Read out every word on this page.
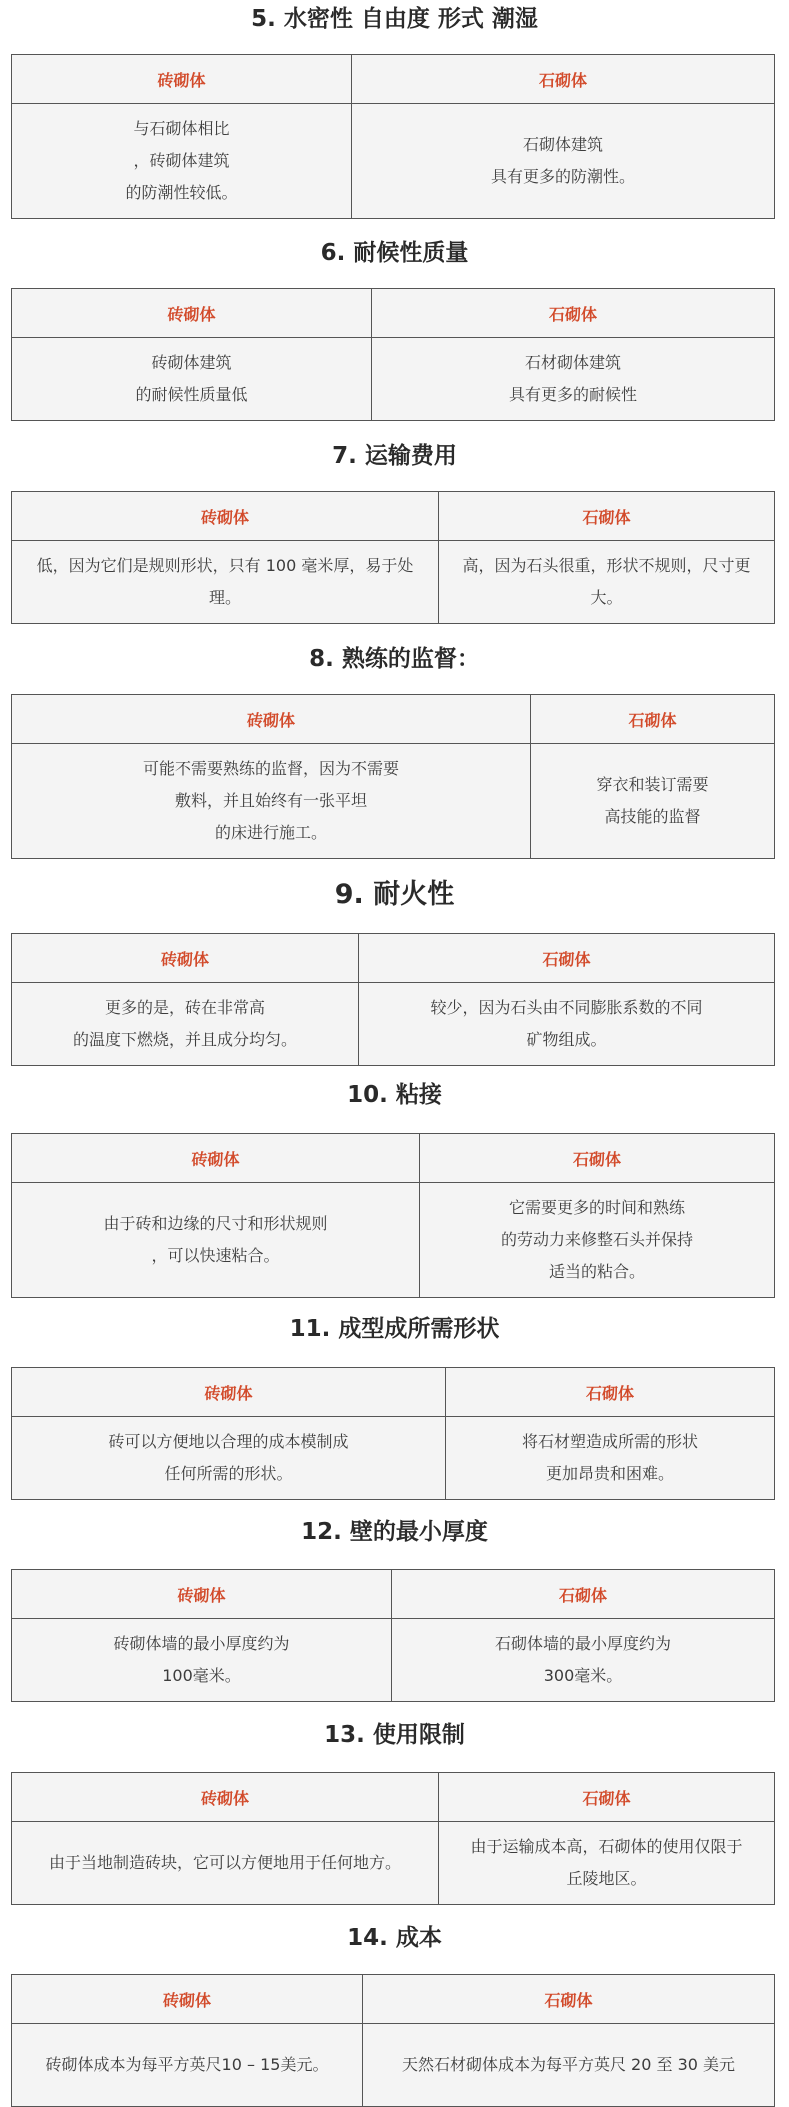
5. 水密性 自由度 形式 潮湿
砖砌体	石砌体

与石砌体相比
，砖砌体建筑
的防潮性较低。	石砌体建筑
具有更多的防潮性。
6. 耐候性质量
砖砌体	石砌体

砖砌体建筑
的耐候性质量低	石材砌体建筑
具有更多的耐候性
7. 运输费用
砖砌体	石砌体

低，因为它们是规则形状，只有 100 毫米厚，易于处
理。	高，因为石头很重，形状不规则，尺寸更
大。
8. 熟练的监督：
砖砌体	石砌体

可能不需要熟练的监督，因为不需要
敷料，并且始终有一张平坦
的床进行施工。	穿衣和装订需要
高技能的监督
9. 耐火性
砖砌体	石砌体

更多的是，砖在非常高
的温度下燃烧，并且成分均匀。	较少，因为石头由不同膨胀系数的不同
矿物组成。
10. 粘接
砖砌体	石砌体

由于砖和边缘的尺寸和形状规则
，可以快速粘合。	它需要更多的时间和熟练
的劳动力来修整石头并保持
适当的粘合。
11. 成型成所需形状
砖砌体	石砌体

砖可以方便地以合理的成本模制成
任何所需的形状。	将石材塑造成所需的形状
更加昂贵和困难。
12. 壁的最小厚度
砖砌体	石砌体

砖砌体墙的最小厚度约为
100毫米。	石砌体墙的最小厚度约为
300毫米。
13. 使用限制
砖砌体	石砌体

由于当地制造砖块，它可以方便地用于任何地方。	由于运输成本高，石砌体的使用仅限于
丘陵地区。
14. 成本
砖砌体	石砌体

砖砌体成本为每平方英尺10 – 15美元。	天然石材砌体成本为每平方英尺 20 至 30 美元
